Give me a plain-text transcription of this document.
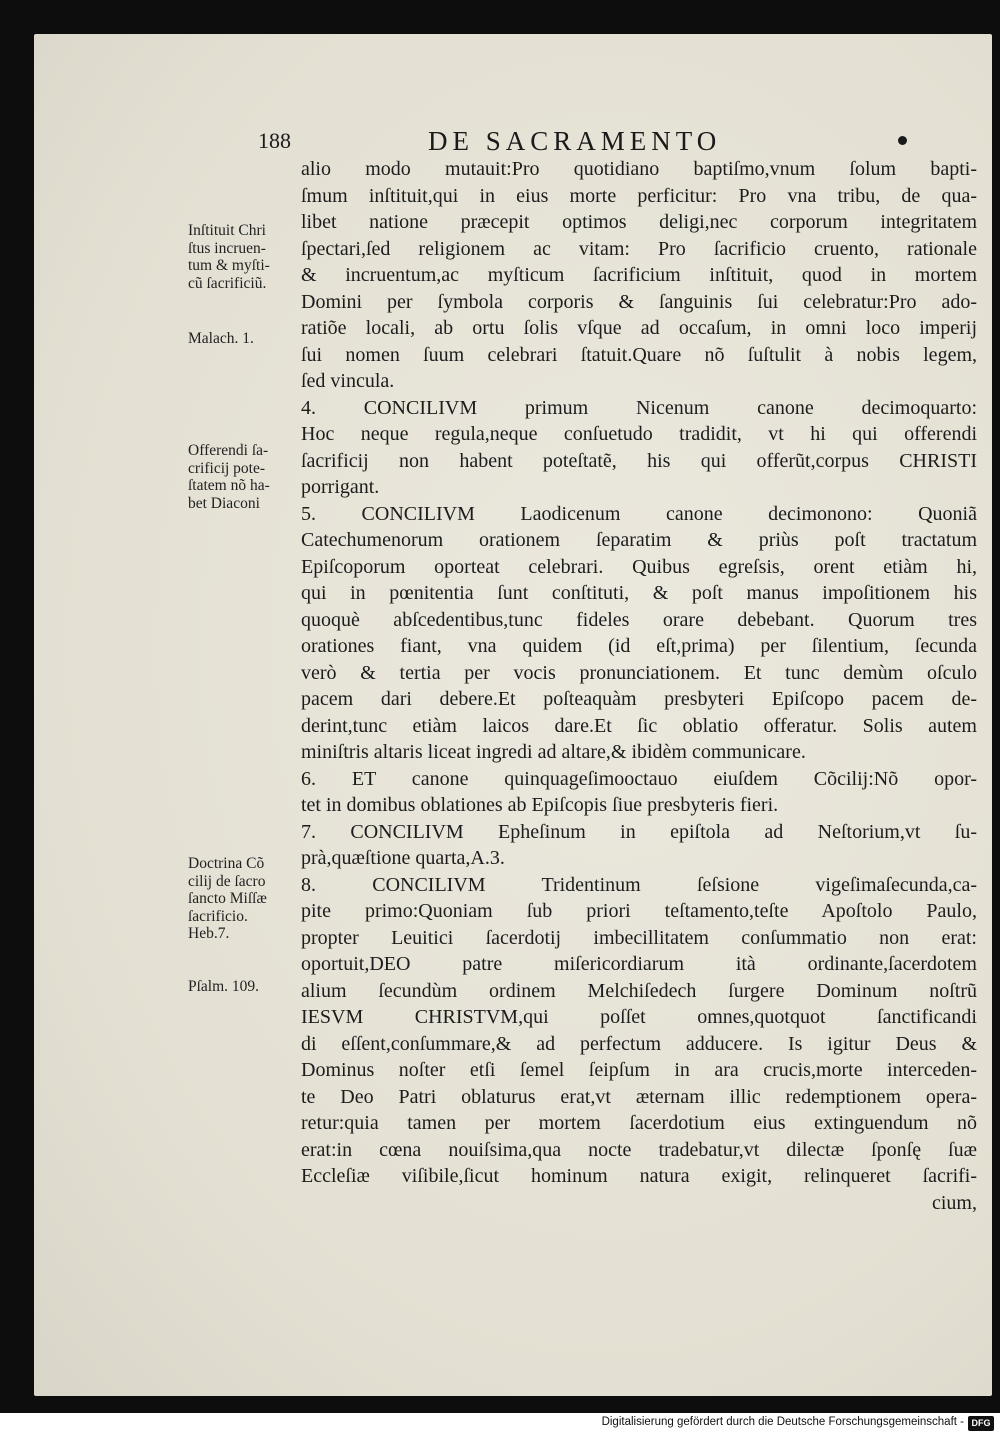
188	DE SACRAMENTO
alio modo mutauit:Pro quotidiano baptiſmo,vnum ſolum bapti-
ſmum inſtituit,qui in eius morte perficitur: Pro vna tribu, de qua-
libet natione præcepit optimos deligi,nec corporum integritatem
ſpectari,ſed religionem ac vitam: Pro ſacrificio cruento, rationale
& incruentum,ac myſticum ſacrificium inſtituit, quod in mortem
Domini per ſymbola corporis & ſanguinis ſui celebratur:Pro ado-
ratiõe locali, ab ortu ſolis vſque ad occaſum, in omni loco imperij
ſui nomen ſuum celebrari ſtatuit.Quare nõ ſuſtulit à nobis legem,
ſed vincula.
4. CONCILIVM primum Nicenum canone decimoquarto:
Hoc neque regula,neque conſuetudo tradidit, vt hi qui offerendi
ſacrificij non habent poteſtatẽ, his qui offerũt,corpus CHRISTI
porrigant.
5. CONCILIVM Laodicenum canone decimonono: Quoniã
Catechumenorum orationem ſeparatim & priùs poſt tractatum
Epiſcoporum oporteat celebrari. Quibus egreſsis, orent etiàm hi,
qui in pœnitentia ſunt conſtituti, & poſt manus impoſitionem his
quoquè abſcedentibus,tunc fideles orare debebant. Quorum tres
orationes fiant, vna quidem (id eſt,prima) per ſilentium, ſecunda
verò & tertia per vocis pronunciationem. Et tunc demùm oſculo
pacem dari debere.Et poſteaquàm presbyteri Epiſcopo pacem de-
derint,tunc etiàm laicos dare.Et ſic oblatio offeratur. Solis autem
miniſtris altaris liceat ingredi ad altare,& ibidèm communicare.
6. ET canone quinquageſimooctauo eiuſdem Cõcilij:Nõ opor-
tet in domibus oblationes ab Epiſcopis ſiue presbyteris fieri.
7. CONCILIVM Epheſinum in epiſtola ad Neſtorium,vt ſu-
prà,quæſtione quarta,A.3.
8. CONCILIVM Tridentinum ſeſsione vigeſimaſecunda,ca-
pite primo:Quoniam ſub priori teſtamento,teſte Apoſtolo Paulo,
propter Leuitici ſacerdotij imbecillitatem conſummatio non erat:
oportuit,DEO patre miſericordiarum ità ordinante,ſacerdotem
alium ſecundùm ordinem Melchiſedech ſurgere Dominum noſtrũ
IESVM CHRISTVM,qui poſſet omnes,quotquot ſanctificandi
di eſſent,conſummare,& ad perfectum adducere. Is igitur Deus &
Dominus noſter etſi ſemel ſeipſum in ara crucis,morte interceden-
te Deo Patri oblaturus erat,vt æternam illic redemptionem opera-
retur:quia tamen per mortem ſacerdotium eius extinguendum nõ
erat:in cœna nouiſsima,qua nocte tradebatur,vt dilectæ ſponſę ſuæ
Eccleſiæ viſibile,ſicut hominum natura exigit, relinqueret ſacrifi-
cium,
Inſtituit Chri
ſtus incruen-
tum & myſti-
cũ ſacrificiũ.
Malach. 1.
Offerendi ſa-
crificij pote-
ſtatem nõ ha-
bet Diaconi
Doctrina Cõ
cilij de ſacro
ſancto Miſſæ
ſacrificio.
Heb.7.
Pſalm. 109.
Digitalisierung gefördert durch die Deutsche Forschungsgemeinschaft - DFG
